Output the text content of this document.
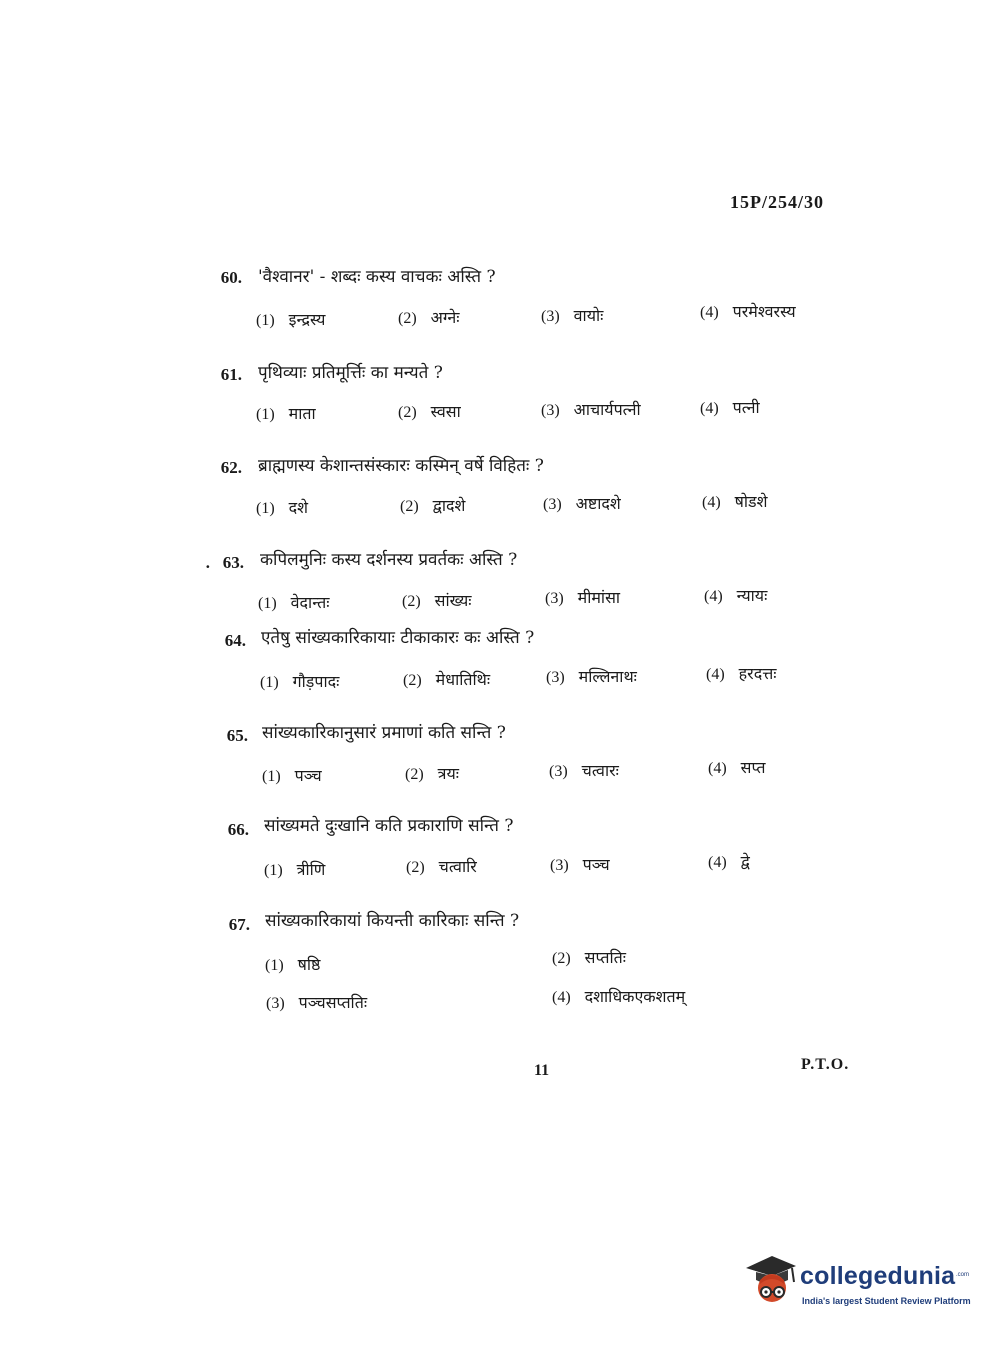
15P/254/30
60. 'वैश्वानर' - शब्दः कस्य वाचकः अस्ति ?
(1) इन्द्रस्य	(2) अग्नेः	(3) वायोः	(4) परमेश्वरस्य
61. पृथिव्याः प्रतिमूर्त्तिः का मन्यते ?
(1) माता	(2) स्वसा	(3) आचार्यपत्नी	(4) पत्नी
62. ब्राह्मणस्य केशान्तसंस्कारः कस्मिन् वर्षे विहितः ?
(1) दशे	(2) द्वादशे	(3) अष्टादशे	(4) षोडशे
· 63. कपिलमुनिः कस्य दर्शनस्य प्रवर्तकः अस्ति ?
(1) वेदान्तः	(2) सांख्यः	(3) मीमांसा	(4) न्यायः
64. एतेषु सांख्यकारिकायाः टीकाकारः कः अस्ति ?
(1) गौड़पादः	(2) मेधातिथिः	(3) मल्लिनाथः	(4) हरदत्तः
65. सांख्यकारिकानुसारं प्रमाणां कति सन्ति ?
(1) पञ्च	(2) त्रयः	(3) चत्वारः	(4) सप्त
66. सांख्यमते दुःखानि कति प्रकाराणि सन्ति ?
(1) त्रीणि	(2) चत्वारि	(3) पञ्च	(4) द्वे
67. सांख्यकारिकायां कियन्ती कारिकाः सन्ति ?
(1) षष्ठि	(2) सप्ततिः
(3) पञ्चसप्ततिः	(4) दशाधिकएकशतम्
11	P.T.O.
collegedunia .com
India's largest Student Review Platform
